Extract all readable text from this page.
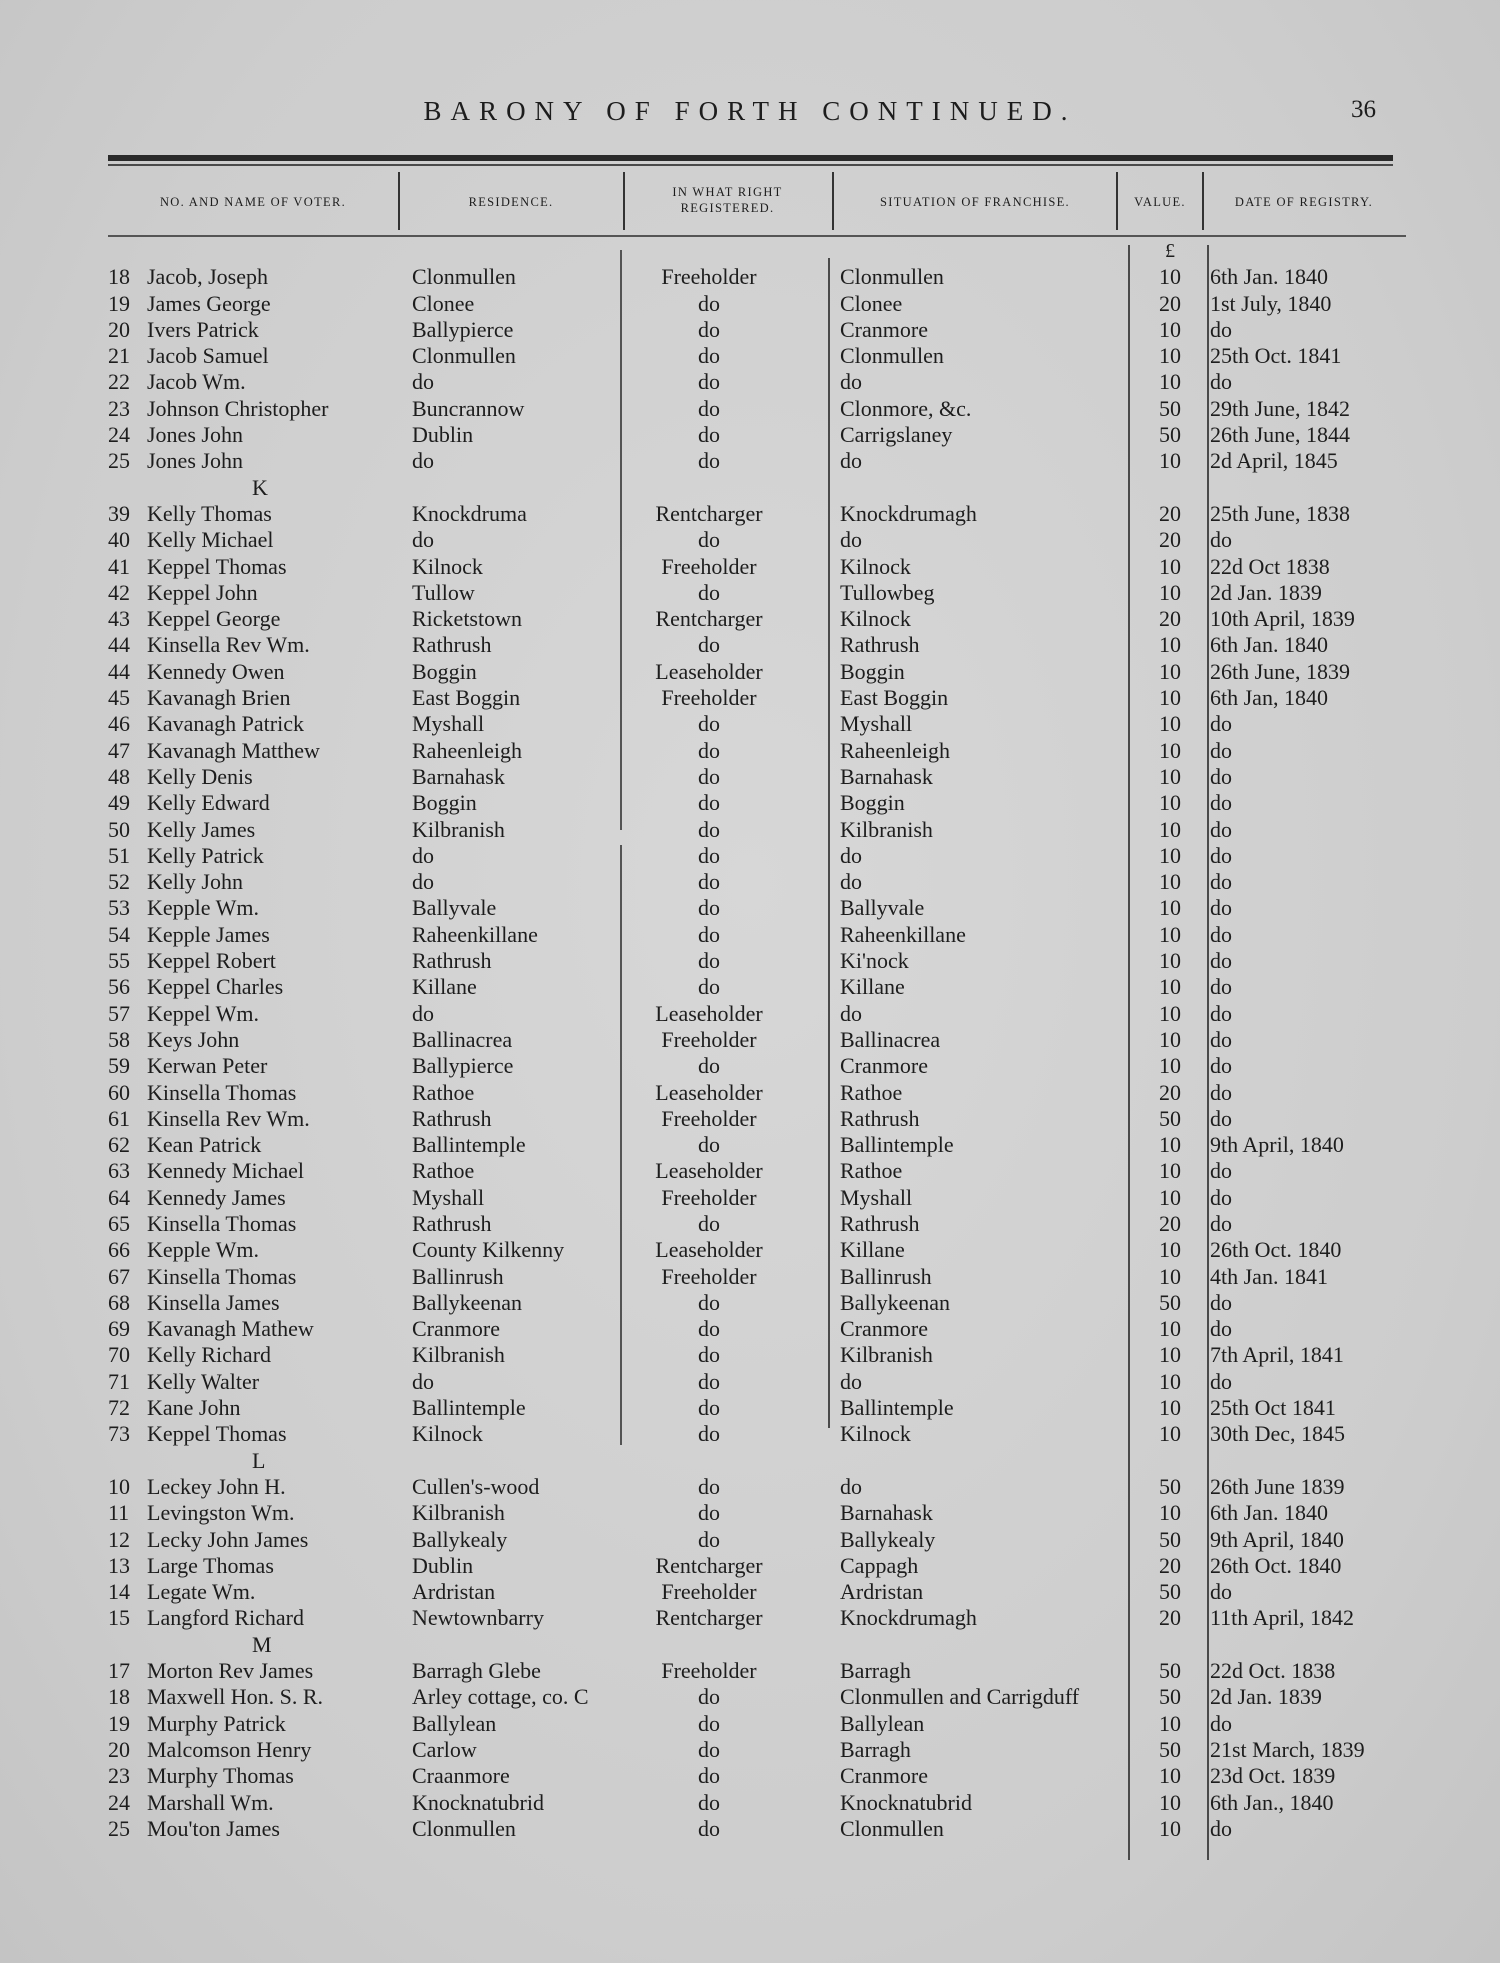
BARONY OF FORTH CONTINUED.	36
NO. AND NAME OF VOTER.	RESIDENCE.
IN WHAT RIGHT
REGISTERED.	SITUATION OF FRANCHISE.	VALUE.	DATE OF REGISTRY.
£
18 Jacob, Joseph	Clonmullen	Freeholder	Clonmullen	10	6th Jan. 1840
19 James George	Clonee	do	Clonee	20	1st July, 1840
20 Ivers Patrick	Ballypierce	do	Cranmore	10	do
21 Jacob Samuel	Clonmullen	do	Clonmullen	10	25th Oct. 1841
22 Jacob Wm.	do	do	do	10	do
23 Johnson Christopher	Buncrannow	do	Clonmore, &c.	50	29th June, 1842
24 Jones John	Dublin	do	Carrigslaney	50	26th June, 1844
25 Jones John	do	do	do	10	2d April, 1845
K
39 Kelly Thomas	Knockdruma	Rentcharger	Knockdrumagh	20	25th June, 1838
40 Kelly Michael	do	do	do	20	do
41 Keppel Thomas	Kilnock	Freeholder	Kilnock	10	22d Oct 1838
42 Keppel John	Tullow	do	Tullowbeg	10	2d Jan. 1839
43 Keppel George	Ricketstown	Rentcharger	Kilnock	20	10th April, 1839
44 Kinsella Rev Wm.	Rathrush	do	Rathrush	10	6th Jan. 1840
44 Kennedy Owen	Boggin	Leaseholder	Boggin	10	26th June, 1839
45 Kavanagh Brien	East Boggin	Freeholder	East Boggin	10	6th Jan, 1840
46 Kavanagh Patrick	Myshall	do	Myshall	10	do
47 Kavanagh Matthew	Raheenleigh	do	Raheenleigh	10	do
48 Kelly Denis	Barnahask	do	Barnahask	10	do
49 Kelly Edward	Boggin	do	Boggin	10	do
50 Kelly James	Kilbranish	do	Kilbranish	10	do
51 Kelly Patrick	do	do	do	10	do
52 Kelly John	do	do	do	10	do
53 Kepple Wm.	Ballyvale	do	Ballyvale	10	do
54 Kepple James	Raheenkillane	do	Raheenkillane	10	do
55 Keppel Robert	Rathrush	do	Ki'nock	10	do
56 Keppel Charles	Killane	do	Killane	10	do
57 Keppel Wm.	do	Leaseholder	do	10	do
58 Keys John	Ballinacrea	Freeholder	Ballinacrea	10	do
59 Kerwan Peter	Ballypierce	do	Cranmore	10	do
60 Kinsella Thomas	Rathoe	Leaseholder	Rathoe	20	do
61 Kinsella Rev Wm.	Rathrush	Freeholder	Rathrush	50	do
62 Kean Patrick	Ballintemple	do	Ballintemple	10	9th April, 1840
63 Kennedy Michael	Rathoe	Leaseholder	Rathoe	10	do
64 Kennedy James	Myshall	Freeholder	Myshall	10	do
65 Kinsella Thomas	Rathrush	do	Rathrush	20	do
66 Kepple Wm.	County Kilkenny	Leaseholder	Killane	10	26th Oct. 1840
67 Kinsella Thomas	Ballinrush	Freeholder	Ballinrush	10	4th Jan. 1841
68 Kinsella James	Ballykeenan	do	Ballykeenan	50	do
69 Kavanagh Mathew	Cranmore	do	Cranmore	10	do
70 Kelly Richard	Kilbranish	do	Kilbranish	10	7th April, 1841
71 Kelly Walter	do	do	do	10	do
72 Kane John	Ballintemple	do	Ballintemple	10	25th Oct 1841
73 Keppel Thomas	Kilnock	do	Kilnock	10	30th Dec, 1845
L
10 Leckey John H.	Cullen's-wood	do	do	50	26th June 1839
11 Levingston Wm.	Kilbranish	do	Barnahask	10	6th Jan. 1840
12 Lecky John James	Ballykealy	do	Ballykealy	50	9th April, 1840
13 Large Thomas	Dublin	Rentcharger	Cappagh	20	26th Oct. 1840
14 Legate Wm.	Ardristan	Freeholder	Ardristan	50	do
15 Langford Richard	Newtownbarry	Rentcharger	Knockdrumagh	20	11th April, 1842
M
17 Morton Rev James	Barragh Glebe	Freeholder	Barragh	50	22d Oct. 1838
18 Maxwell Hon. S. R.	Arley cottage, co. C	do	Clonmullen and Carrigduff	50	2d Jan. 1839
19 Murphy Patrick	Ballylean	do	Ballylean	10	do
20 Malcomson Henry	Carlow	do	Barragh	50	21st March, 1839
23 Murphy Thomas	Craanmore	do	Cranmore	10	23d Oct. 1839
24 Marshall Wm.	Knocknatubrid	do	Knocknatubrid	10	6th Jan., 1840
25 Mou'ton James	Clonmullen	do	Clonmullen	10	do
